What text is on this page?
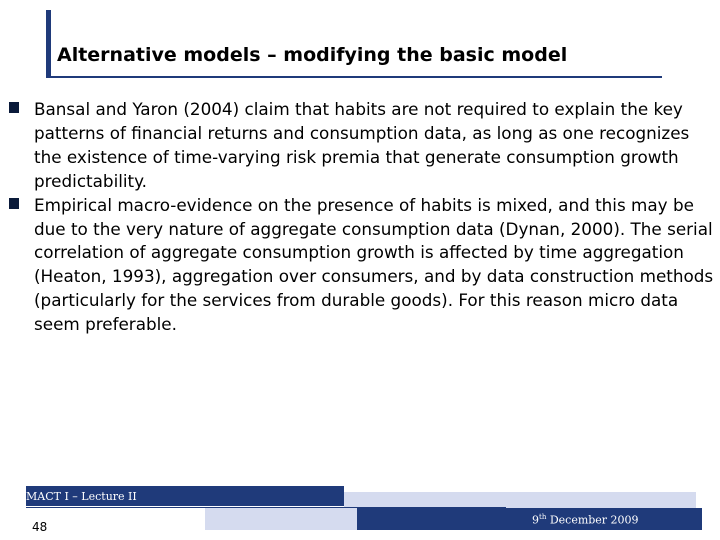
Alternative models – modifying the basic model
Bansal and Yaron (2004) claim that habits are not required to explain the key patterns of financial returns and consumption data, as long as one recognizes the existence of time-varying risk premia that generate consumption growth predictability.
Empirical macro-evidence on the presence of habits is mixed, and this may be due to the very nature of aggregate consumption data (Dynan, 2000). The serial correlation of aggregate consumption growth is affected by time aggregation (Heaton, 1993), aggregation over consumers, and by data construction methods (particularly for the services from durable goods). For this reason micro data seem preferable.
MACT I – Lecture II
48	9th December 2009
